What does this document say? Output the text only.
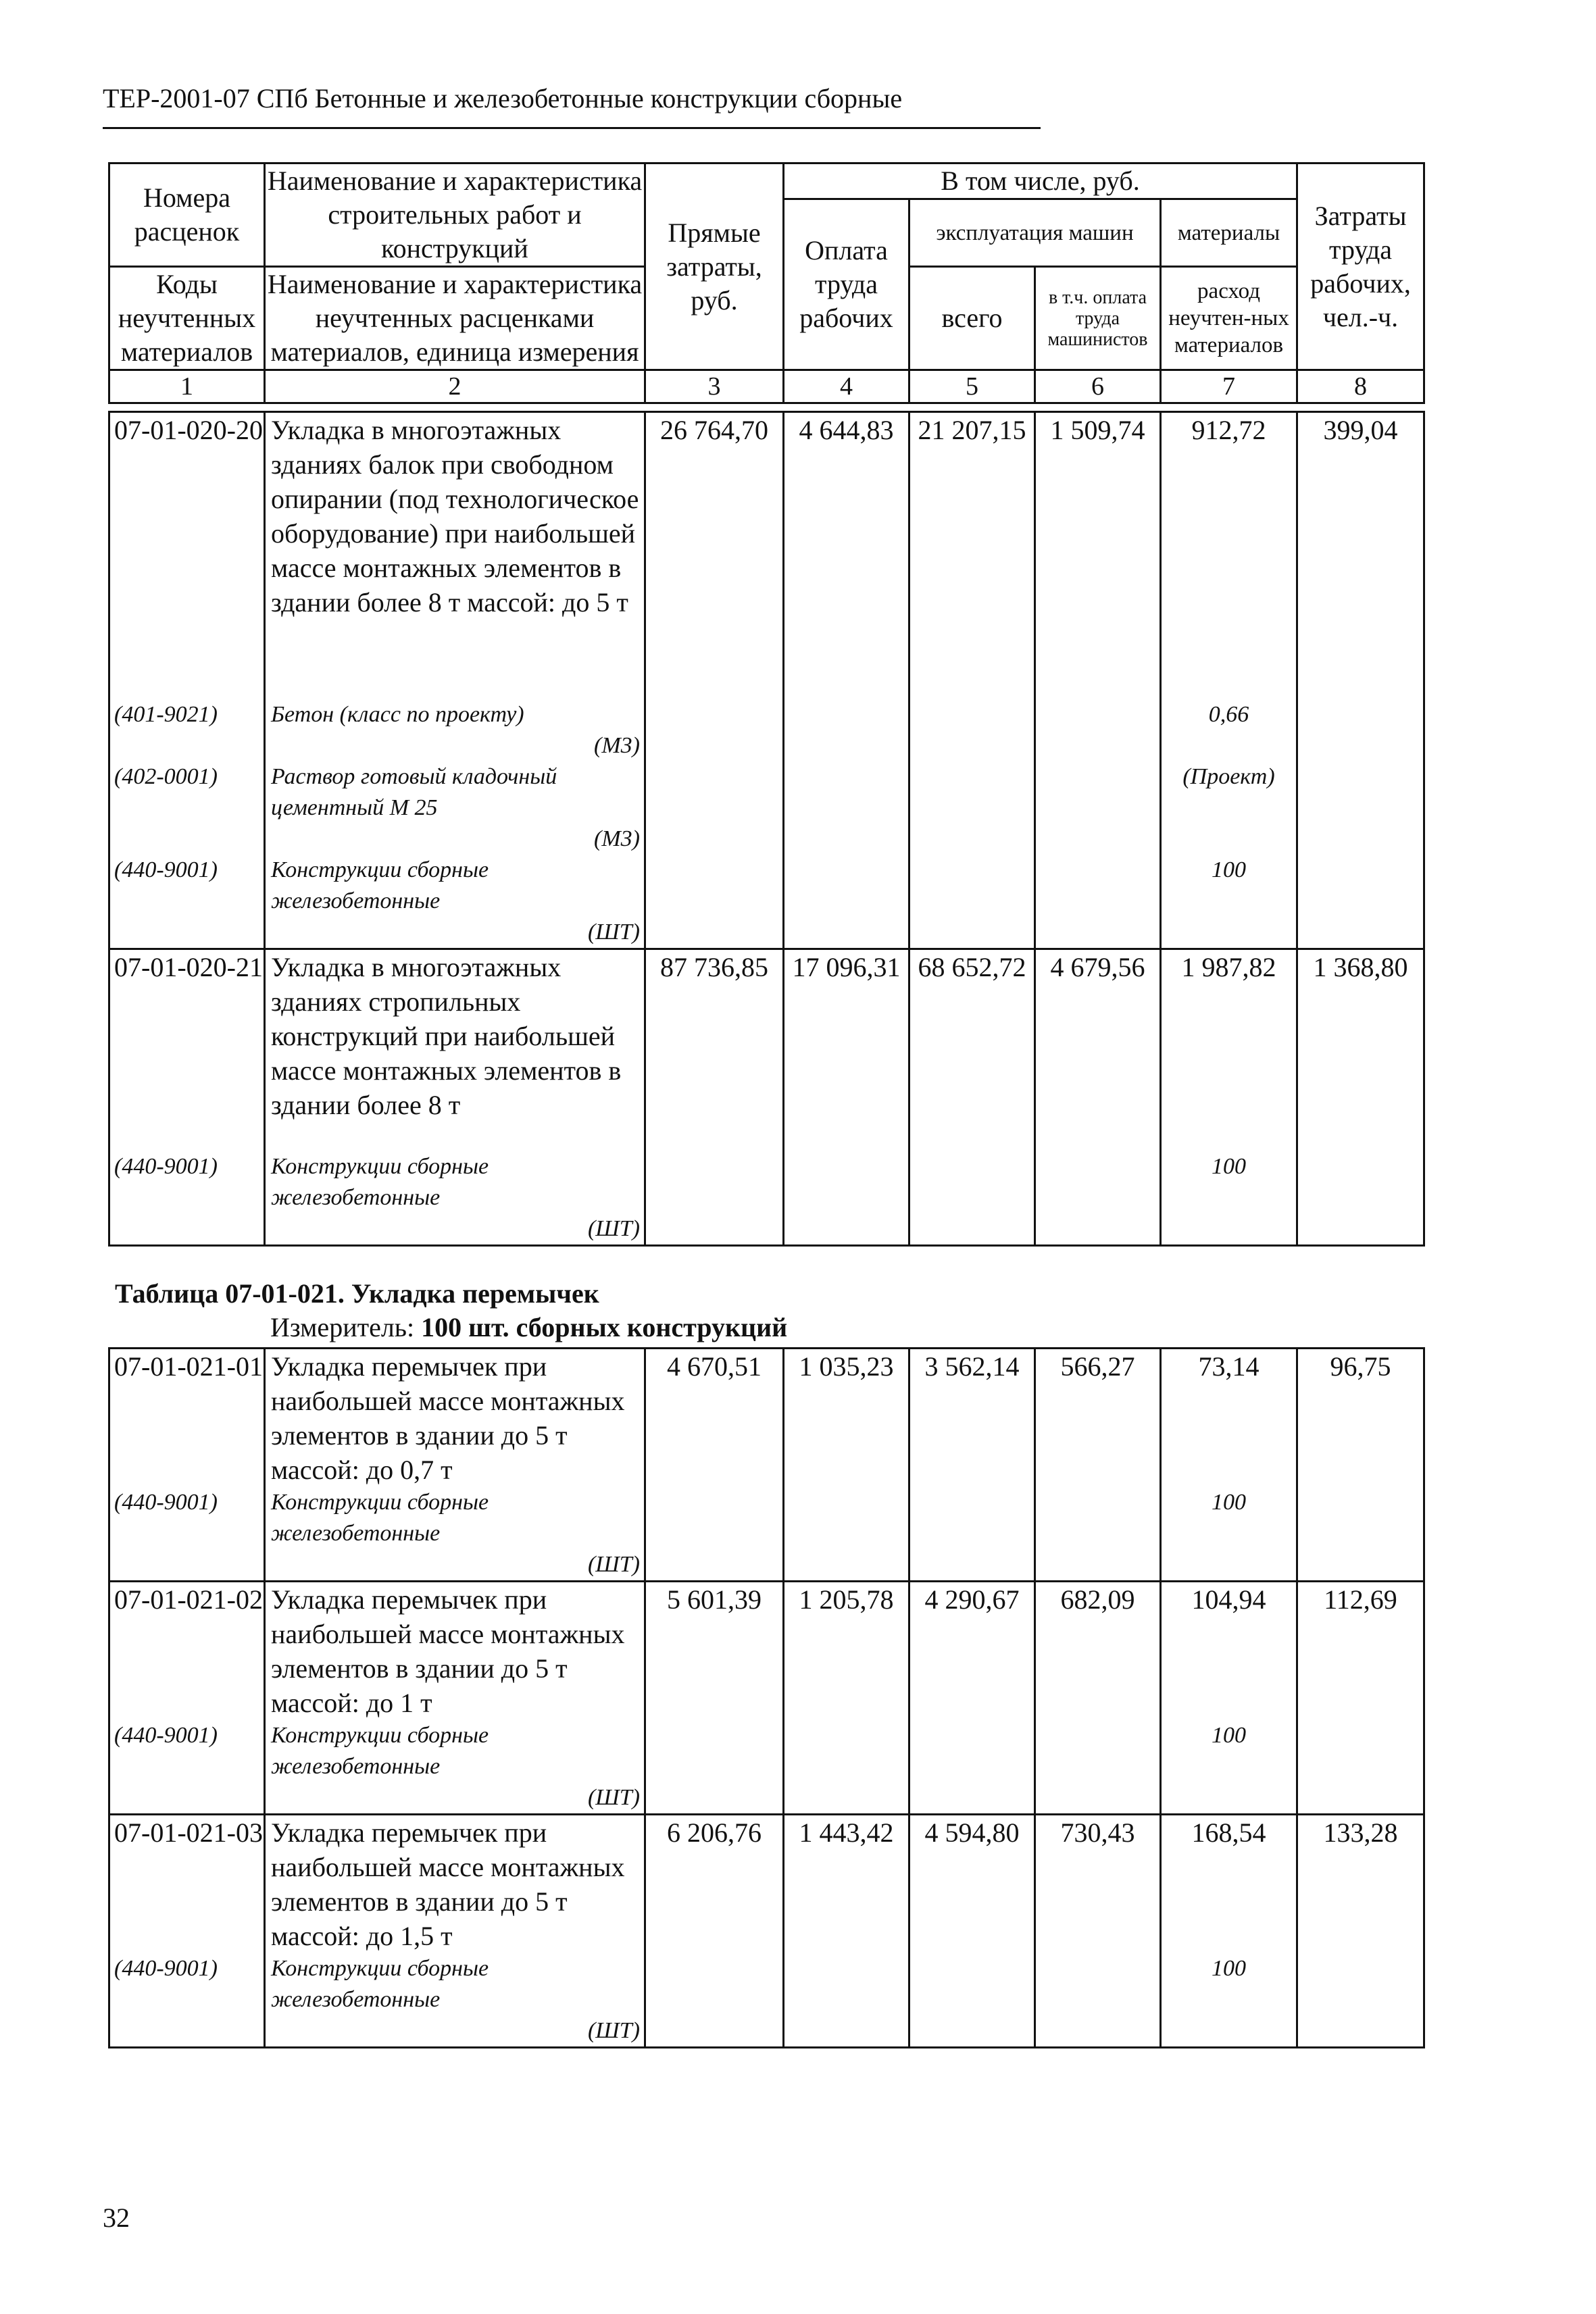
ТЕР-2001-07 СПб Бетонные и железобетонные конструкции сборные
Номера расценок	Наименование и характеристика строительных работ и конструкций	Прямые затраты, руб.	В том числе, руб.				Затраты труда рабочих, чел.-ч.
			Оплата труда рабочих	эксплуатация машин		материалы	
Коды неучтенных материалов	Наименование и характеристика неучтенных расценками материалов, единица измерения			всего	в т.ч. оплата труда машинистов	расход неучтен-ных материалов	

1	2	3	4	5	6	7	8
07-01-020-20	Укладка в многоэтажных зданиях балок при свободном опирании (под технологическое оборудование) при наибольшей массе монтажных элементов в здании более 8 т массой: до 5 т	26 764,70	4 644,83	21 207,15	1 509,74	912,72	399,04
(401-9021)	Бетон (класс по проекту)
(М3)					0,66	
(402-0001)	Раствор готовый кладочный цементный М 25
(М3)					(Проект)	
(440-9001)	Конструкции сборные железобетонные
(ШТ)					100	
07-01-020-21	Укладка в многоэтажных зданиях стропильных конструкций при наибольшей массе монтажных элементов в здании более 8 т	87 736,85	17 096,31	68 652,72	4 679,56	1 987,82	1 368,80
(440-9001)	Конструкции сборные железобетонные
(ШТ)					100	
Таблица 07-01-021. Укладка перемычек
Измеритель: 100 шт. сборных конструкций
07-01-021-01	Укладка перемычек при наибольшей массе монтажных элементов в здании до 5 т массой: до 0,7 т	4 670,51	1 035,23	3 562,14	566,27	73,14	96,75
(440-9001)	Конструкции сборные железобетонные
(ШТ)					100	
07-01-021-02	Укладка перемычек при наибольшей массе монтажных элементов в здании до 5 т массой: до 1 т	5 601,39	1 205,78	4 290,67	682,09	104,94	112,69
(440-9001)	Конструкции сборные железобетонные
(ШТ)					100	
07-01-021-03	Укладка перемычек при наибольшей массе монтажных элементов в здании до 5 т массой: до 1,5 т	6 206,76	1 443,42	4 594,80	730,43	168,54	133,28
(440-9001)	Конструкции сборные железобетонные
(ШТ)					100	
32
